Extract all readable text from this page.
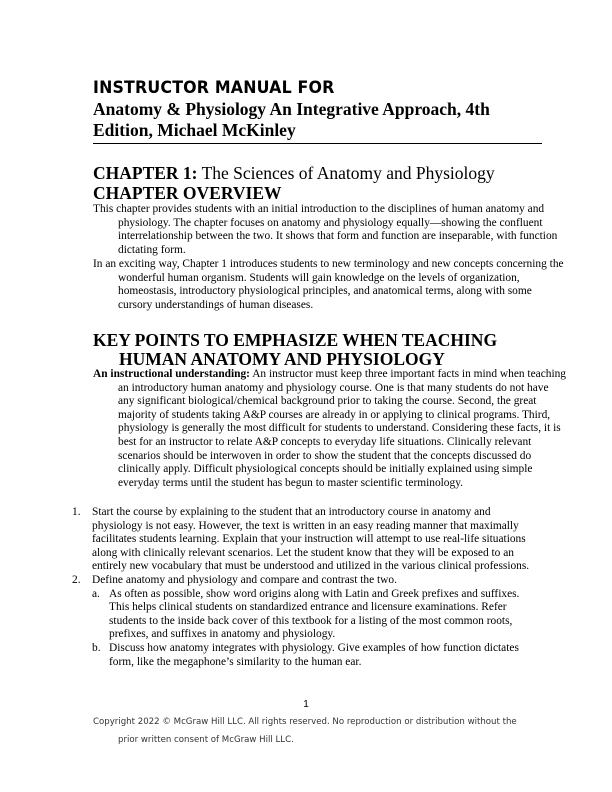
INSTRUCTOR MANUAL FOR
Anatomy & Physiology An Integrative Approach, 4th Edition, Michael McKinley
CHAPTER 1: The Sciences of Anatomy and Physiology
CHAPTER OVERVIEW
This chapter provides students with an initial introduction to the disciplines of human anatomy and physiology. The chapter focuses on anatomy and physiology equally—showing the confluent interrelationship between the two. It shows that form and function are inseparable, with function dictating form.
In an exciting way, Chapter 1 introduces students to new terminology and new concepts concerning the wonderful human organism. Students will gain knowledge on the levels of organization, homeostasis, introductory physiological principles, and anatomical terms, along with some cursory understandings of human diseases.
KEY POINTS TO EMPHASIZE WHEN TEACHING HUMAN ANATOMY AND PHYSIOLOGY
An instructional understanding: An instructor must keep three important facts in mind when teaching an introductory human anatomy and physiology course. One is that many students do not have any significant biological/chemical background prior to taking the course. Second, the great majority of students taking A&P courses are already in or applying to clinical programs. Third, physiology is generally the most difficult for students to understand. Considering these facts, it is best for an instructor to relate A&P concepts to everyday life situations. Clinically relevant scenarios should be interwoven in order to show the student that the concepts discussed do clinically apply. Difficult physiological concepts should be initially explained using simple everyday terms until the student has begun to master scientific terminology.
1. Start the course by explaining to the student that an introductory course in anatomy and physiology is not easy. However, the text is written in an easy reading manner that maximally facilitates students learning. Explain that your instruction will attempt to use real-life situations along with clinically relevant scenarios. Let the student know that they will be exposed to an entirely new vocabulary that must be understood and utilized in the various clinical professions.
2. Define anatomy and physiology and compare and contrast the two.
a. As often as possible, show word origins along with Latin and Greek prefixes and suffixes. This helps clinical students on standardized entrance and licensure examinations. Refer students to the inside back cover of this textbook for a listing of the most common roots, prefixes, and suffixes in anatomy and physiology.
b. Discuss how anatomy integrates with physiology. Give examples of how function dictates form, like the megaphone’s similarity to the human ear.
1
Copyright 2022 © McGraw Hill LLC. All rights reserved. No reproduction or distribution without the prior written consent of McGraw Hill LLC.
